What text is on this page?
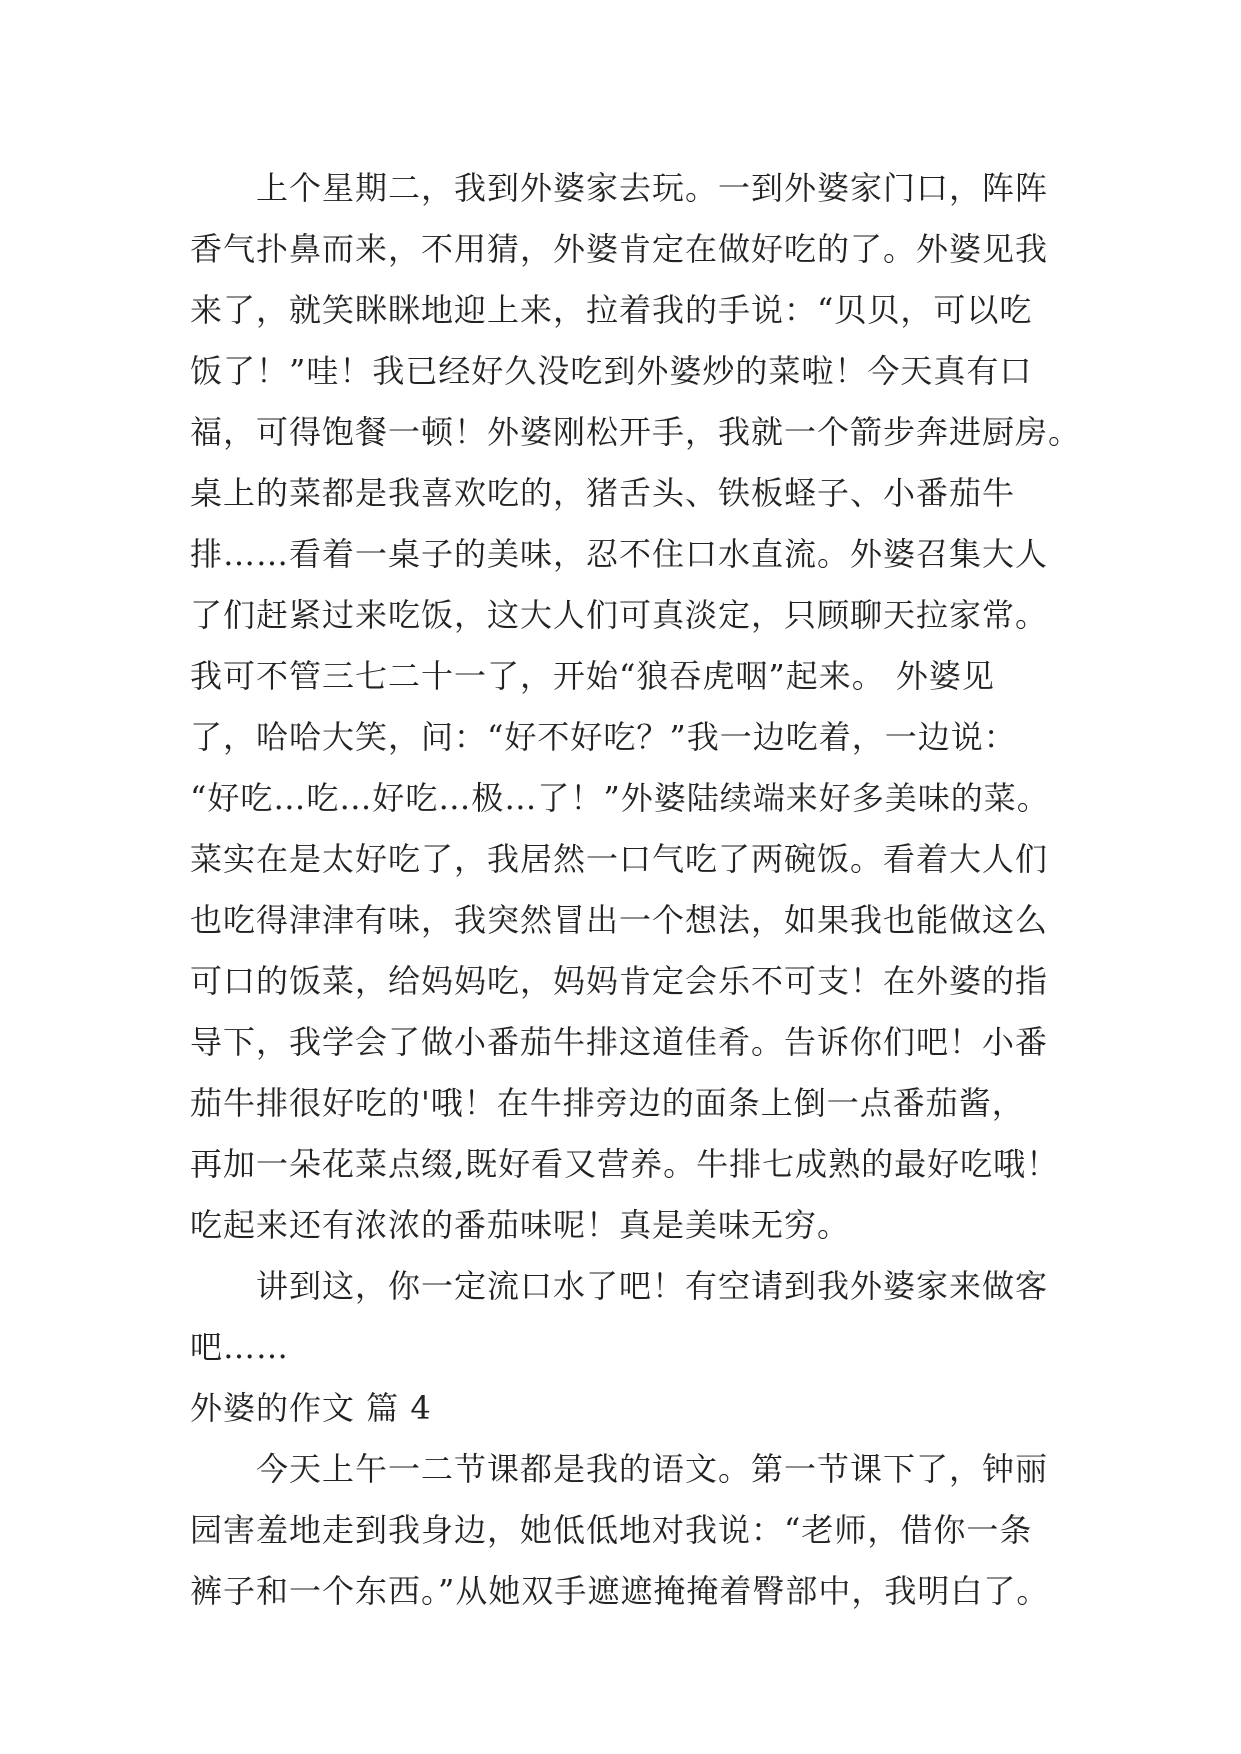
上个星期二，我到外婆家去玩。一到外婆家门口，阵阵
香气扑鼻而来，不用猜，外婆肯定在做好吃的了。外婆见我
来了，就笑眯眯地迎上来，拉着我的手说：“贝贝，可以吃
饭了！”哇！我已经好久没吃到外婆炒的菜啦！今天真有口
福，可得饱餐一顿！外婆刚松开手，我就一个箭步奔进厨房。
桌上的菜都是我喜欢吃的，猪舌头、铁板蛏子、小番茄牛
排……看着一桌子的美味，忍不住口水直流。外婆召集大人
了们赶紧过来吃饭，这大人们可真淡定，只顾聊天拉家常。
我可不管三七二十一了，开始“狼吞虎咽”起来。 外婆见
了，哈哈大笑，问：“好不好吃？”我一边吃着，一边说：
“好吃…吃…好吃…极…了！”外婆陆续端来好多美味的菜。
菜实在是太好吃了，我居然一口气吃了两碗饭。看着大人们
也吃得津津有味，我突然冒出一个想法，如果我也能做这么
可口的饭菜，给妈妈吃，妈妈肯定会乐不可支！在外婆的指
导下，我学会了做小番茄牛排这道佳肴。告诉你们吧！小番
茄牛排很好吃的'哦！在牛排旁边的面条上倒一点番茄酱，
再加一朵花菜点缀,既好看又营养。牛排七成熟的最好吃哦！
吃起来还有浓浓的番茄味呢！真是美味无穷。
讲到这，你一定流口水了吧！有空请到我外婆家来做客
吧……
外婆的作文 篇 4
今天上午一二节课都是我的语文。第一节课下了，钟丽
园害羞地走到我身边，她低低地对我说：“老师，借你一条
裤子和一个东西。”从她双手遮遮掩掩着臀部中，我明白了。
